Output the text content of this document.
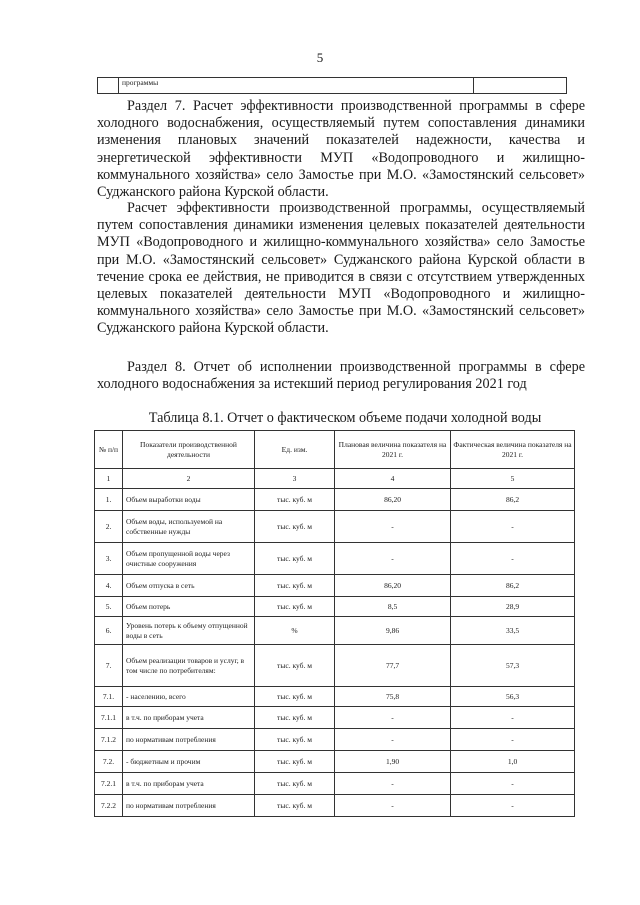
5
	программы	

Раздел 7. Расчет эффективности производственной программы в сфере холодного водоснабжения, осуществляемый путем сопоставления динамики изменения плановых значений показателей надежности, качества и энергетической эффективности МУП «Водопроводного и жилищно-коммунального хозяйства» село Замостье при М.О. «Замостянский сельсовет» Суджанского района Курской области.

Расчет эффективности производственной программы, осуществляемый путем сопоставления динамики изменения целевых показателей деятельности МУП «Водопроводного и жилищно-коммунального хозяйства» село Замостье при М.О. «Замостянский сельсовет» Суджанского района Курской области в течение срока ее действия, не приводится в связи с отсутствием утвержденных целевых показателей деятельности МУП «Водопроводного и жилищно-коммунального хозяйства» село Замостье при М.О. «Замостянский сельсовет» Суджанского района Курской области.

Раздел 8. Отчет об исполнении производственной программы в сфере холодного водоснабжения за истекший период регулирования 2021 год

Таблица 8.1. Отчет о фактическом объеме подачи холодной воды
№ п/п	Показатели производственной деятельности	Ед. изм.	Плановая величина показателя на 2021 г.	Фактическая величина показателя на 2021 г.
1	2	3	4	5
1.	Объем выработки воды	тыс. куб. м	86,20	86,2
2.	Объем воды, используемой на собственные нужды	тыс. куб. м	-	-
3.	Объем пропущенной воды через очистные сооружения	тыс. куб. м	-	-
4.	Объем отпуска в сеть	тыс. куб. м	86,20	86,2
5.	Объем потерь	тыс. куб. м	8,5	28,9
6.	Уровень потерь к объему отпущенной воды в сеть	%	9,86	33,5
7.	Объем реализации товаров и услуг, в том числе по потребителям:	тыс. куб. м	77,7	57,3
7.1.	- населению, всего	тыс. куб. м	75,8	56,3
7.1.1	в т.ч. по приборам учета	тыс. куб. м	-	-
7.1.2	по нормативам потребления	тыс. куб. м	-	-
7.2.	- бюджетным и прочим	тыс. куб. м	1,90	1,0
7.2.1	в т.ч. по приборам учета	тыс. куб. м	-	-
7.2.2	по нормативам потребления	тыс. куб. м	-	-
